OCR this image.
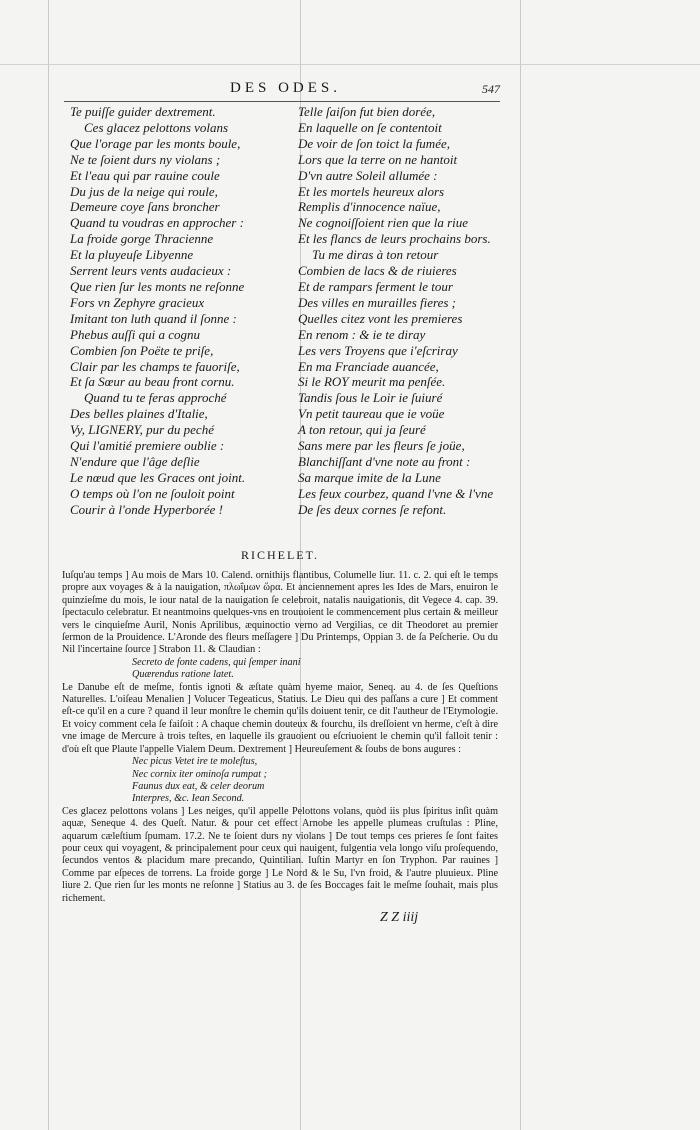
DES ODES.	547
Te puiſſe guider dextrement.
Ces glacez pelottons volans
Que l'orage par les monts boule,
Ne te ſoient durs ny violans ;
Et l'eau qui par rauine coule
Du jus de la neige qui roule,
Demeure coye ſans broncher
Quand tu voudras en approcher :
La froide gorge Thracienne
Et la pluyeuſe Libyenne
Serrent leurs vents audacieux :
Que rien ſur les monts ne reſonne
Fors vn Zephyre gracieux
Imitant ton luth quand il ſonne :
Phebus auſſi qui a cognu
Combien ſon Poëte te priſe,
Clair par les champs te fauoriſe,
Et ſa Sœur au beau front cornu.
Quand tu te feras approché
Des belles plaines d'Italie,
Vy, LIGNERY, pur du peché
Qui l'amitié premiere oublie :
N'endure que l'âge deſlie
Le nœud que les Graces ont joint.
O temps où l'on ne ſouloit point
Courir à l'onde Hyperborée !
Telle ſaiſon fut bien dorée,
En laquelle on ſe contentoit
De voir de ſon toict la fumée,
Lors que la terre on ne hantoit
D'vn autre Soleil allumée :
Et les mortels heureux alors
Remplis d'innocence naïue,
Ne cognoiſſoient rien que la riue
Et les flancs de leurs prochains bors.
Tu me diras à ton retour
Combien de lacs & de riuieres
Et de rampars ferment le tour
Des villes en murailles fieres ;
Quelles citez vont les premieres
En renom : & ie te diray
Les vers Troyens que i'eſcriray
En ma Franciade auancée,
Si le ROY meurit ma penſée.
Tandis ſous le Loir ie ſuiuré
Vn petit taureau que ie voüe
A ton retour, qui ja ſeuré
Sans mere par les fleurs ſe joüe,
Blanchiſſant d'vne note au front :
Sa marque imite de la Lune
Les feux courbez, quand l'vne & l'vne
De ſes deux cornes ſe refont.
RICHELET.

Iuſqu'au temps ] Au mois de Mars 10. Calend. ornithijs flantibus, Columelle liur. 11. c. 2. qui eſt le temps propre aux voyages & à la nauigation, πλωΐμων ὥρα. Et anciennement apres les Ides de Mars, enuiron le quinzieſme du mois, le iour natal de la nauigation ſe celebroit, natalis nauigationis, dit Vegece 4. cap. 39. ſpectaculo celebratur. Et neantmoins quelques-vns en trouuoient le commencement plus certain & meilleur vers le cinquieſme Auril, Nonis Aprilibus, æquinoctio verno ad Vergilias, ce dit Theodoret au premier ſermon de la Prouidence. L'Aronde des fleurs meſſagere ] Du Printemps, Oppian 3. de ſa Peſcherie. Ou du Nil l'incertaine ſource ] Strabon 11. & Claudian :

Secreto de fonte cadens, qui ſemper inani
Quærendus ratione latet.

Le Danube eſt de meſme, fontis ignoti & æſtate quàm hyeme maior, Seneq. au 4. de ſes Queſtions Naturelles. L'oiſeau Menalien ] Volucer Tegeaticus, Statius. Le Dieu qui des paſſans a cure ] Et comment eſt-ce qu'il en a cure ? quand il leur monſtre le chemin qu'ils doiuent tenir, ce dit l'autheur de l'Etymologie. Et voicy comment cela ſe faiſoit : A chaque chemin douteux & fourchu, ils dreſſoient vn herme, c'eſt à dire vne image de Mercure à trois teſtes, en laquelle ils grauoient ou eſcriuoient le chemin qu'il falloit tenir : d'où eſt que Plaute l'appelle Vialem Deum. Dextrement ] Heureuſement & ſoubs de bons augures :

Nec picus Vetet ire te moleſtus,
Nec cornix iter ominoſa rumpat ;
Faunus dux eat, & celer deorum
Interpres, &c. Iean Second.

Ces glacez pelottons volans ] Les neiges, qu'il appelle Pelottons volans, quòd iis plus ſpiritus inſit quàm aquæ, Seneque 4. des Queſt. Natur. & pour cet effect Arnobe les appelle plumeas cruſtulas : Pline, aquarum cæleſtium ſpumam. 17.2. Ne te ſoient durs ny violans ] De tout temps ces prieres ſe ſont faites pour ceux qui voyagent, & principalement pour ceux qui nauigent, fulgentia vela longo viſu proſequendo, ſecundos ventos & placidum mare precando, Quintilian. Iuſtin Martyr en ſon Tryphon. Par rauines ] Comme par eſpeces de torrens. La froide gorge ] Le Nord & le Su, l'vn froid, & l'autre pluuieux. Pline liure 2. Que rien ſur les monts ne reſonne ] Statius au 3. de ſes Boccages fait le meſme ſouhait, mais plus richement.

Z Z iiij
